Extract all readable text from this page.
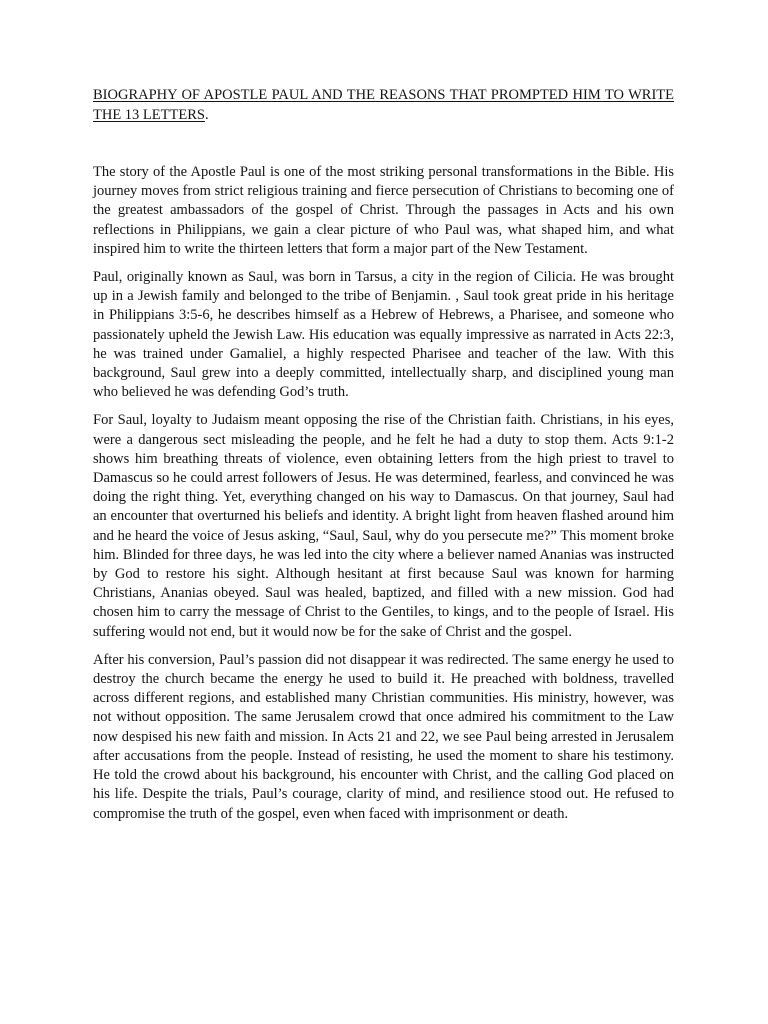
BIOGRAPHY OF APOSTLE PAUL AND THE REASONS THAT PROMPTED HIM TO WRITE THE 13 LETTERS.

The story of the Apostle Paul is one of the most striking personal transformations in the Bible. His journey moves from strict religious training and fierce persecution of Christians to becoming one of the greatest ambassadors of the gospel of Christ. Through the passages in Acts and his own reflections in Philippians, we gain a clear picture of who Paul was, what shaped him, and what inspired him to write the thirteen letters that form a major part of the New Testament.

Paul, originally known as Saul, was born in Tarsus, a city in the region of Cilicia. He was brought up in a Jewish family and belonged to the tribe of Benjamin. , Saul took great pride in his heritage in Philippians 3:5-6, he describes himself as a Hebrew of Hebrews, a Pharisee, and someone who passionately upheld the Jewish Law. His education was equally impressive as narrated in Acts 22:3, he was trained under Gamaliel, a highly respected Pharisee and teacher of the law. With this background, Saul grew into a deeply committed, intellectually sharp, and disciplined young man who believed he was defending God’s truth.

For Saul, loyalty to Judaism meant opposing the rise of the Christian faith. Christians, in his eyes, were a dangerous sect misleading the people, and he felt he had a duty to stop them. Acts 9:1-2 shows him breathing threats of violence, even obtaining letters from the high priest to travel to Damascus so he could arrest followers of Jesus. He was determined, fearless, and convinced he was doing the right thing. Yet, everything changed on his way to Damascus. On that journey, Saul had an encounter that overturned his beliefs and identity. A bright light from heaven flashed around him and he heard the voice of Jesus asking, “Saul, Saul, why do you persecute me?” This moment broke him. Blinded for three days, he was led into the city where a believer named Ananias was instructed by God to restore his sight. Although hesitant at first because Saul was known for harming Christians, Ananias obeyed. Saul was healed, baptized, and filled with a new mission. God had chosen him to carry the message of Christ to the Gentiles, to kings, and to the people of Israel. His suffering would not end, but it would now be for the sake of Christ and the gospel.

After his conversion, Paul’s passion did not disappear it was redirected. The same energy he used to destroy the church became the energy he used to build it. He preached with boldness, travelled across different regions, and established many Christian communities. His ministry, however, was not without opposition. The same Jerusalem crowd that once admired his commitment to the Law now despised his new faith and mission. In Acts 21 and 22, we see Paul being arrested in Jerusalem after accusations from the people. Instead of resisting, he used the moment to share his testimony. He told the crowd about his background, his encounter with Christ, and the calling God placed on his life. Despite the trials, Paul’s courage, clarity of mind, and resilience stood out. He refused to compromise the truth of the gospel, even when faced with imprisonment or death.
